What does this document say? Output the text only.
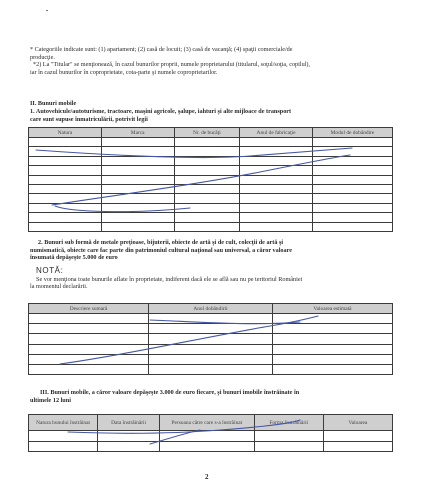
* Categoriile indicate sunt: (1) apartament; (2) casă de locuit; (3) casă de vacanţă; (4) spaţii comerciale/de
producţie.
*2) La "Titular" se menţionează, în cazul bunurilor proprii, numele proprietarului (titularul, soţul/soţia, copilul),
iar în cazul bunurilor în coproprietate, cota-parte şi numele coproprietarilor.
II. Bunuri mobile
1. Autovehicule/autoturisme, tractoare, maşini agricole, şalupe, iahturi şi alte mijloace de transport
care sunt supuse înmatriculării, potrivit legii
Natura	Marca	Nr. de bucăţi	Anul de fabricaţie	Modul de dobândire

2. Bunuri sub formă de metale preţioase, bijuterii, obiecte de artă şi de cult, colecţii de artă şi
numismatică, obiecte care fac parte din patrimoniul cultural naţional sau universal, a căror valoare
însumată depăşeşte 5.000 de euro
NOTĂ:
Se vor menţiona toate bunurile aflate în proprietate, indiferent dacă ele se află sau nu pe teritoriul României
la momentul declarării.
Descriere sumară	Anul dobândirii	Valoarea estimată

III. Bunuri mobile, a căror valoare depăşeşte 3.000 de euro fiecare, şi bunuri imobile înstrăinate în
ultimele 12 luni
Natura bunului înstrăinat	Data înstrăinării	Persoana către care s-a înstrăinat	Forma înstrăinării	Valoarea

2
